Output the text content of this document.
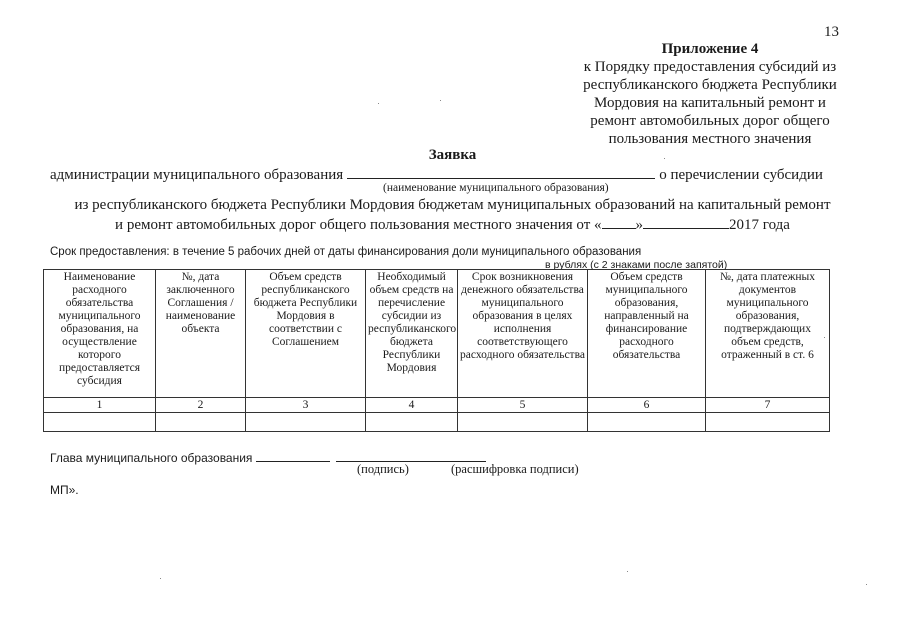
13
Приложение 4
к Порядку предоставления субсидий из
республиканского бюджета Республики
Мордовия на капитальный ремонт и
ремонт автомобильных дорог общего
пользования местного значения
Заявка
администрации муниципального образования	о перечислении субсидии
(наименование муниципального образования)
из республиканского бюджета Республики Мордовия бюджетам муниципальных образований на капитальный ремонт
и ремонт автомобильных дорог общего пользования местного значения от « »	2017 года
Срок предоставления: в течение 5 рабочих дней от даты финансирования доли муниципального образования
в рублях (с 2 знаками после запятой)
Наименование расходного обязательства муниципального образования, на осуществление которого предоставляется субсидия	№, дата заключенного Соглашения / наименование объекта	Объем средств республиканского бюджета Республики Мордовия в соответствии с Соглашением	Необходимый объем средств на перечисление субсидии из республиканского бюджета Республики Мордовия	Срок возникновения денежного обязательства муниципального образования в целях исполнения соответствующего расходного обязательства	Объем средств муниципального образования, направленный на финансирование расходного обязательства	№, дата платежных документов муниципального образования, подтверждающих объем средств, отраженный в ст. 6
1	2	3	4	5	6	7

Глава муниципального образования
(подпись)	(расшифровка подписи)
МП».
